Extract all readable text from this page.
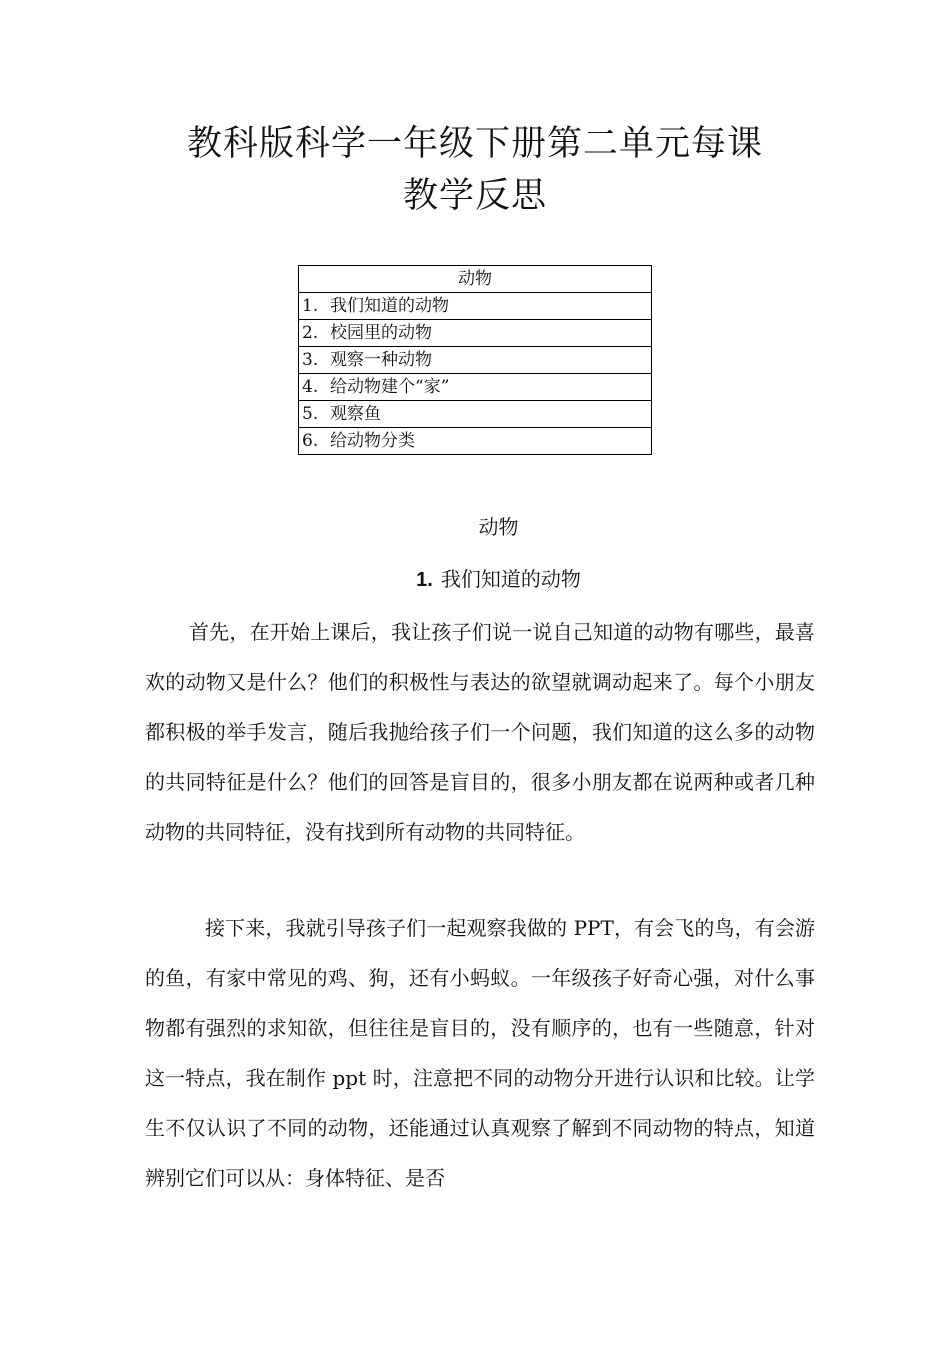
教科版科学一年级下册第二单元每课
教学反思
动物
1. 我们知道的动物
2. 校园里的动物
3. 观察一种动物
4. 给动物建个“家”
5. 观察鱼
6. 给动物分类
动物
1. 我们知道的动物
首先，在开始上课后，我让孩子们说一说自己知道的动物有哪些，最喜欢的动物又是什么？他们的积极性与表达的欲望就调动起来了。每个小朋友都积极的举手发言，随后我抛给孩子们一个问题，我们知道的这么多的动物的共同特征是什么？他们的回答是盲目的，很多小朋友都在说两种或者几种动物的共同特征，没有找到所有动物的共同特征。
接下来，我就引导孩子们一起观察我做的 PPT，有会飞的鸟，有会游的鱼，有家中常见的鸡、狗，还有小蚂蚁。一年级孩子好奇心强，对什么事物都有强烈的求知欲，但往往是盲目的，没有顺序的，也有一些随意，针对这一特点，我在制作 ppt 时，注意把不同的动物分开进行认识和比较。让学生不仅认识了不同的动物，还能通过认真观察了解到不同动物的特点，知道辨别它们可以从：身体特征、是否
